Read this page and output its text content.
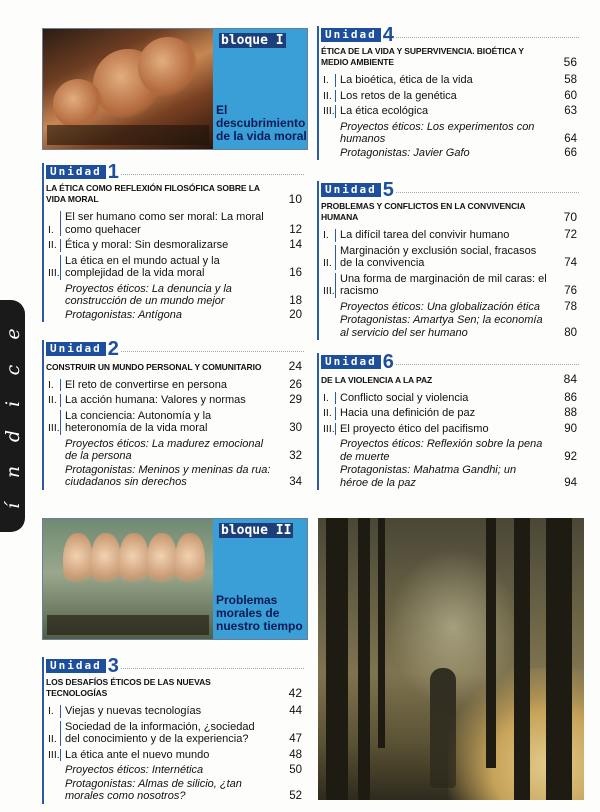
í
n
d
i
c
e
bloque I
El descubrimiento de la vida moral
bloque II
Problemas morales de nuestro tiempo
Unidad 1
LA ÉTICA COMO REFLEXIÓN FILOSÓFICA SOBRE LA VIDA MORAL	10
I.
El ser humano como ser moral: La moral como quehacer	12
II. Ética y moral: Sin desmoralizarse	14
III.
La ética en el mundo actual y la complejidad de la vida moral	16
Proyectos éticos: La denuncia y la construcción de un mundo mejor	18
Protagonistas: Antígona	20
Unidad 2
CONSTRUIR UN MUNDO PERSONAL Y COMUNITARIO	24
I.	El reto de convertirse en persona	26
II. La acción humana: Valores y normas	29
III.
La conciencia: Autonomía y la heteronomía de la vida moral	30
Proyectos éticos: La madurez emocional de la persona	32
Protagonistas: Meninos y meninas da rua: ciudadanos sin derechos	34
Unidad 3
LOS DESAFÍOS ÉTICOS DE LAS NUEVAS TECNOLOGÍAS	42
I.	Viejas y nuevas tecnologías	44
II.
Sociedad de la información, ¿sociedad del conocimiento y de la experiencia?	47
III. La ética ante el nuevo mundo	48
Proyectos éticos: Internética	50
Protagonistas: Almas de silicio, ¿tan morales como nosotros?	52
Unidad 4
ÉTICA DE LA VIDA Y SUPERVIVENCIA. BIOÉTICA Y MEDIO AMBIENTE	56
I.	La bioética, ética de la vida	58
II. Los retos de la genética	60
III. La ética ecológica	63
Proyectos éticos: Los experimentos con humanos	64
Protagonistas: Javier Gafo	66
Unidad 5
PROBLEMAS Y CONFLICTOS EN LA CONVIVENCIA HUMANA	70
I.	La difícil tarea del convivir humano	72
II.
Marginación y exclusión social, fracasos de la convivencia	74
III.
Una forma de marginación de mil caras: el racismo	76
Proyectos éticos: Una globalización ética	78
Protagonistas: Amartya Sen; la economía al servicio del ser humano	80
Unidad 6
DE LA VIOLENCIA A LA PAZ	84
I.	Conflicto social y violencia	86
II. Hacia una definición de paz	88
III. El proyecto ético del pacifismo	90
Proyectos éticos: Reflexión sobre la pena de muerte	92
Protagonistas: Mahatma Gandhi; un héroe de la paz	94
